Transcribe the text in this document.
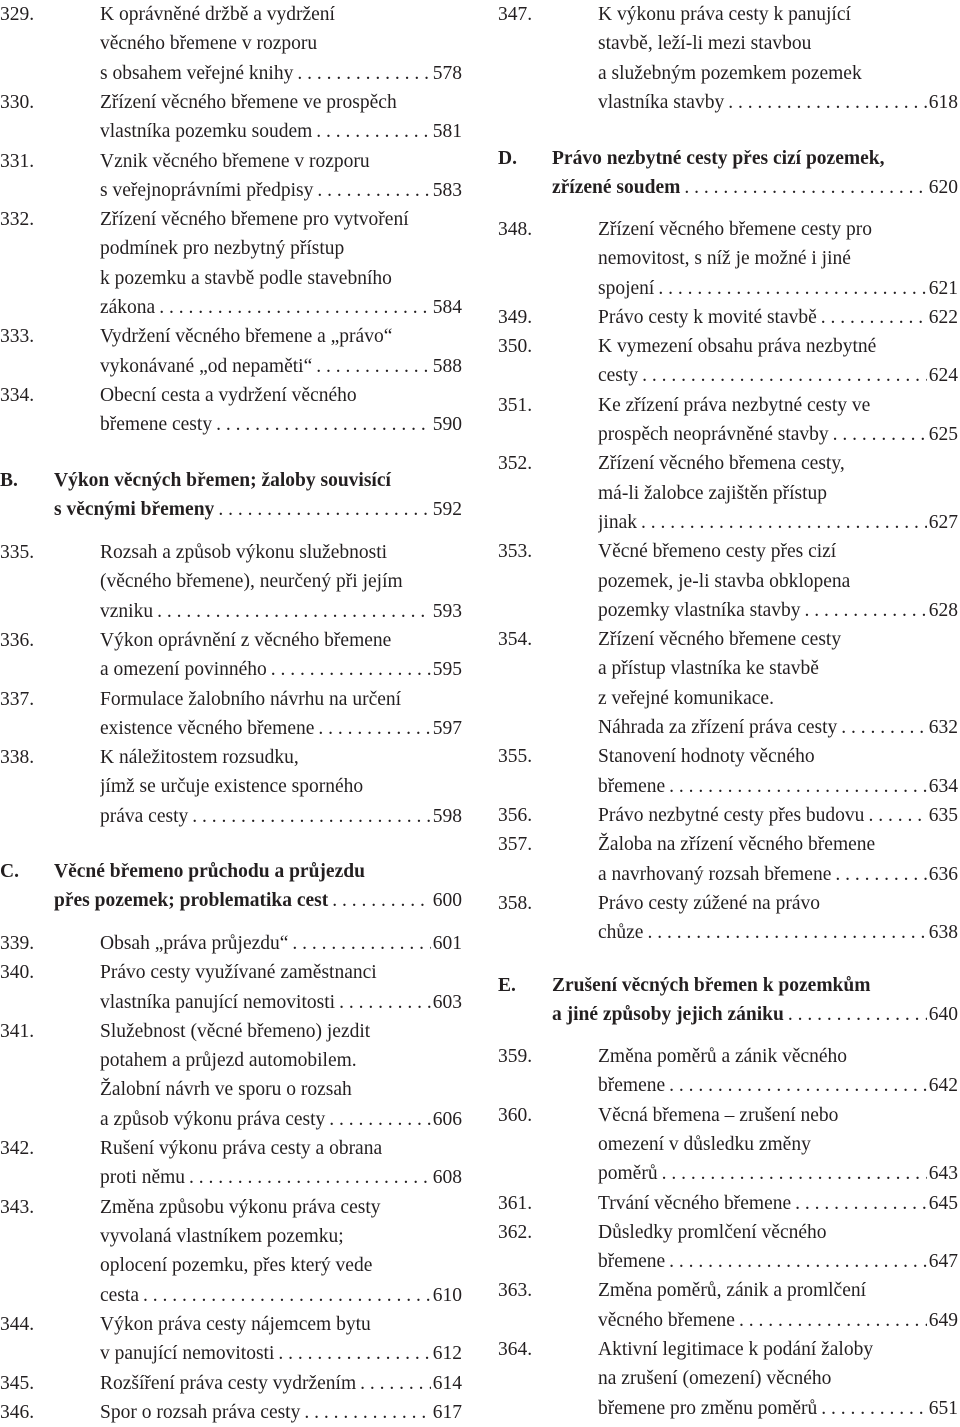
329.	K oprávněné držbě a vydržení
věcného břemene v rozporu
s obsahem veřejné knihy . . .	578
330.	Zřízení věcného břemene ve prospěch
vlastníka pozemku soudem . . .	581
331.	Vznik věcného břemene v rozporu
s veřejnoprávními předpisy . . .	583
332.	Zřízení věcného břemene pro vytvoření
podmínek pro nezbytný přístup
k pozemku a stavbě podle stavebního
zákona . . .	584
333.	Vydržení věcného břemene a „právo“
vykonávané „od nepaměti“ . . .	588
334.	Obecní cesta a vydržení věcného
břemene cesty . . .	590
B. Výkon věcných břemen; žaloby souvisící
s věcnými břemeny . . .	592
335.	Rozsah a způsob výkonu služebnosti
(věcného břemene), neurčený při jejím
vzniku . . .	593
336.	Výkon oprávnění z věcného břemene
a omezení povinného . . .	595
337.	Formulace žalobního návrhu na určení
existence věcného břemene . . .	597
338.	K náležitostem rozsudku,
jímž se určuje existence sporného
práva cesty . . .	598
C. Věcné břemeno průchodu a průjezdu
přes pozemek; problematika cest . . .	600
339.	Obsah „práva průjezdu“ . . .	601
340.	Právo cesty využívané zaměstnanci
vlastníka panující nemovitosti . . .	603
341.	Služebnost (věcné břemeno) jezdit
potahem a průjezd automobilem.
Žalobní návrh ve sporu o rozsah
a způsob výkonu práva cesty . . .	606
342.	Rušení výkonu práva cesty a obrana
proti němu . . .	608
343.	Změna způsobu výkonu práva cesty
vyvolaná vlastníkem pozemku;
oplocení pozemku, přes který vede
cesta . . .	610
344.	Výkon práva cesty nájemcem bytu
v panující nemovitosti . . .	612
345.	Rozšíření práva cesty vydržením . . .	614
346.	Spor o rozsah práva cesty . . .	617
347.	K výkonu práva cesty k panující
stavbě, leží-li mezi stavbou
a služebným pozemkem pozemek
vlastníka stavby . . .	618
D. Právo nezbytné cesty přes cizí pozemek,
zřízené soudem . . .	620
348.	Zřízení věcného břemene cesty pro
nemovitost, s níž je možné i jiné
spojení . . .	621
349.	Právo cesty k movité stavbě . . .	622
350.	K vymezení obsahu práva nezbytné
cesty . . .	624
351.	Ke zřízení práva nezbytné cesty ve
prospěch neoprávněné stavby . . .	625
352.	Zřízení věcného břemena cesty,
má-li žalobce zajištěn přístup
jinak . . .	627
353.	Věcné břemeno cesty přes cizí
pozemek, je-li stavba obklopena
pozemky vlastníka stavby . . .	628
354.	Zřízení věcného břemene cesty
a přístup vlastníka ke stavbě
z veřejné komunikace.
Náhrada za zřízení práva cesty . . .	632
355.	Stanovení hodnoty věcného
břemene . . .	634
356.	Právo nezbytné cesty přes budovu . . .	635
357.	Žaloba na zřízení věcného břemene
a navrhovaný rozsah břemene . . .	636
358.	Právo cesty zúžené na právo
chůze . . .	638
E. Zrušení věcných břemen k pozemkům
a jiné způsoby jejich zániku . . .	640
359.	Změna poměrů a zánik věcného
břemene . . .	642
360.	Věcná břemena – zrušení nebo
omezení v důsledku změny
poměrů . . .	643
361.	Trvání věcného břemene . . .	645
362.	Důsledky promlčení věcného
břemene . . .	647
363.	Změna poměrů, zánik a promlčení
věcného břemene . . .	649
364.	Aktivní legitimace k podání žaloby
na zrušení (omezení) věcného
břemene pro změnu poměrů . . .	651
